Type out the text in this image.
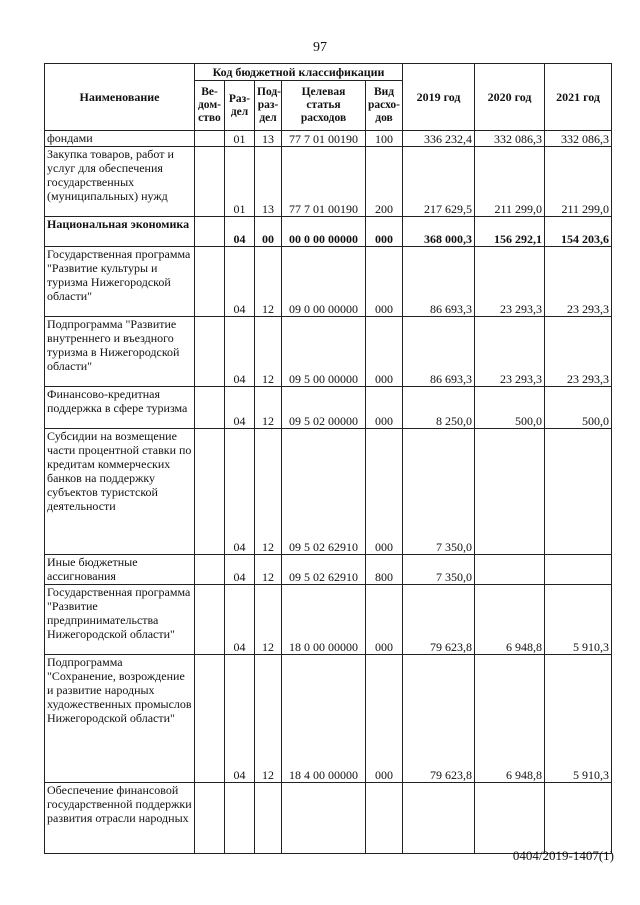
97
Наименование	Код бюджетной классификации					2019 год	2020 год	2021 год
	Ве-дом-ство	Раз-дел	Под-раз-дел	Целевая статья расходов	Вид расхо-дов			
фондами		01	13	77 7 01 00190	100	336 232,4	332 086,3	332 086,3
Закупка товаров, работ и услуг для обеспечения государственных (муниципальных) нужд		01	13	77 7 01 00190	200	217 629,5	211 299,0	211 299,0
Национальная экономика		04	00	00 0 00 00000	000	368 000,3	156 292,1	154 203,6
Государственная программа "Развитие культуры и туризма Нижегородской области"		04	12	09 0 00 00000	000	86 693,3	23 293,3	23 293,3
Подпрограмма "Развитие внутреннего и въездного туризма в Нижегородской области"		04	12	09 5 00 00000	000	86 693,3	23 293,3	23 293,3
Финансово-кредитная поддержка в сфере туризма		04	12	09 5 02 00000	000	8 250,0	500,0	500,0
Субсидии на возмещение части процентной ставки по кредитам коммерческих банков на поддержку субъектов туристской деятельности		04	12	09 5 02 62910	000	7 350,0		
Иные бюджетные ассигнования		04	12	09 5 02 62910	800	7 350,0		
Государственная программа "Развитие предпринимательства Нижегородской области"		04	12	18 0 00 00000	000	79 623,8	6 948,8	5 910,3
Подпрограмма "Сохранение, возрождение и развитие народных художественных промыслов Нижегородской области"		04	12	18 4 00 00000	000	79 623,8	6 948,8	5 910,3
Обеспечение финансовой государственной поддержки развития отрасли народных								
0404/2019-1407(1)
